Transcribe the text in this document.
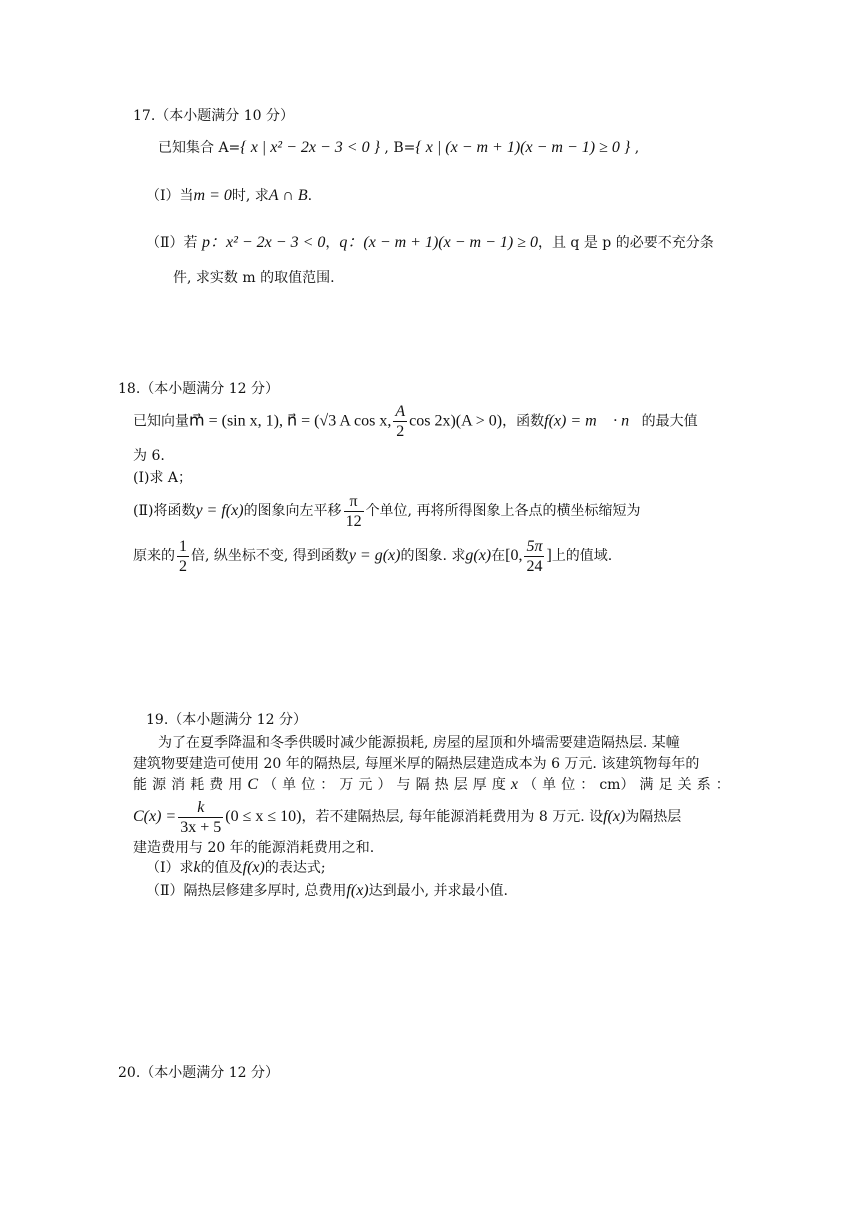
17.（本小题满分 10 分）
已知集合 A={ x | x² − 2x − 3 < 0 } , B={ x | (x − m + 1)(x − m − 1) ≥ 0 } ,
（Ⅰ）当m = 0时, 求A ∩ B.
（Ⅱ）若 p：x² − 2x − 3 < 0，q：(x − m + 1)(x − m − 1) ≥ 0，且 q 是 p 的必要不充分条
件, 求实数 m 的取值范围.
18.（本小题满分 12 分）
已知向量m⃗ = (sin x, 1), n⃗ = (√3 A cos x, $\frac{A}{2}$ cos 2x)(A > 0)，函数f(x) = m⃗ · n⃗的最大值
为 6.
(Ⅰ)求 A；
(Ⅱ)将函数y = f(x)的图象向左平移 $\frac{\pi}{12}$ 个单位, 再将所得图象上各点的横坐标缩短为
原来的 $\frac{1}{2}$ 倍, 纵坐标不变, 得到函数y = g(x)的图象. 求g(x)在[0, $\frac{5\pi}{24}$ ]上的值域.
19.（本小题满分 12 分）
为了在夏季降温和冬季供暖时减少能源损耗, 房屋的屋顶和外墙需要建造隔热层. 某幢
建筑物要建造可使用 20 年的隔热层, 每厘米厚的隔热层建造成本为 6 万元. 该建筑物每年的
能 源 消 耗 费 用 C （ 单 位 ： 万 元 ） 与 隔 热 层 厚 度 x （ 单 位 ： cm） 满 足 关 系 ：
$C(x) = \frac{k}{3x + 5} (0 \le x \le 10)$，若不建隔热层, 每年能源消耗费用为 8 万元. 设f(x)为隔热层
建造费用与 20 年的能源消耗费用之和.
（Ⅰ）求k的值及f(x)的表达式;
（Ⅱ）隔热层修建多厚时, 总费用f(x)达到最小, 并求最小值.
20.（本小题满分 12 分）
